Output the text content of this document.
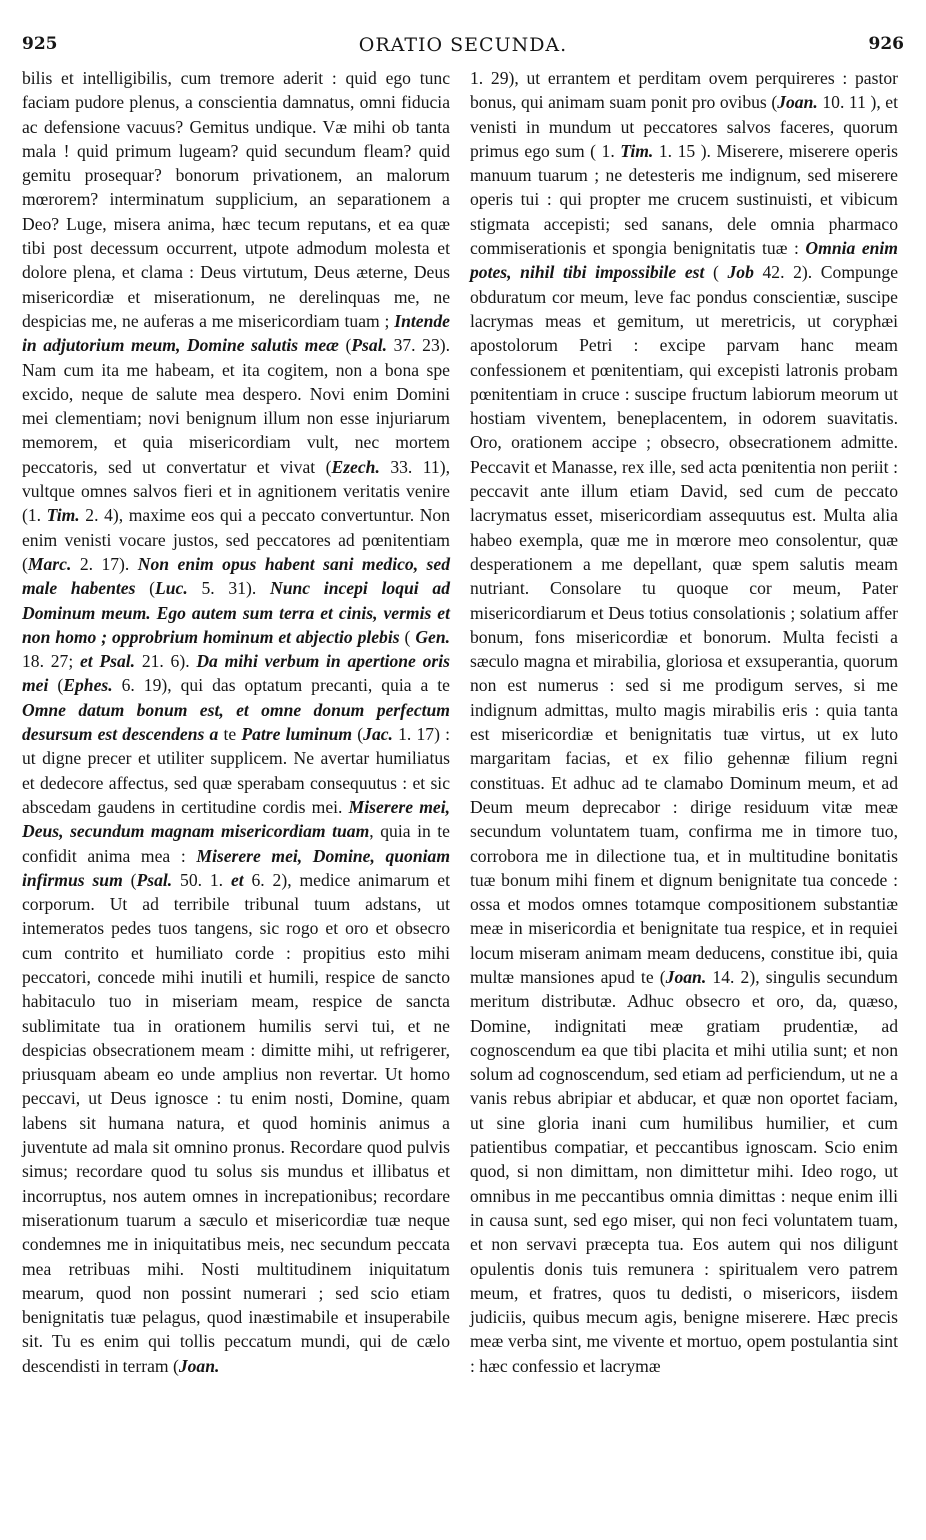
925	ORATIO SECUNDA.	926

bilis et intelligibilis, cum tremore aderit : quid ego tunc faciam pudore plenus, a conscientia damnatus, omni fiducia ac defensione vacuus? Gemitus undique. Væ mihi ob tanta mala ! quid primum lugeam? quid secundum fleam? quid gemitu prosequar? bonorum privationem, an malorum mœrorem? interminatum supplicium, an separationem a Deo? Luge, misera anima, hæc tecum reputans, et ea quæ tibi post decessum occurrent, utpote admodum molesta et dolore plena, et clama : Deus virtutum, Deus æterne, Deus misericordiæ et miserationum, ne derelinquas me, ne despicias me, ne auferas a me misericordiam tuam ; Intende in adjutorium meum, Domine salutis meæ (Psal. 37. 23). Nam cum ita me habeam, et ita cogitem, non a bona spe excido, neque de salute mea despero. Novi enim Domini mei clementiam; novi benignum illum non esse injuriarum memorem, et quia misericordiam vult, nec mortem peccatoris, sed ut convertatur et vivat (Ezech. 33. 11), vultque omnes salvos fieri et in agnitionem veritatis venire (1. Tim. 2. 4), maxime eos qui a peccato convertuntur. Non enim venisti vocare justos, sed peccatores ad pœnitentiam (Marc. 2. 17). Non enim opus habent sani medico, sed male habentes (Luc. 5. 31). Nunc incepi loqui ad Dominum meum. Ego autem sum terra et cinis, vermis et non homo ; opprobrium hominum et abjectio plebis ( Gen. 18. 27; et Psal. 21. 6). Da mihi verbum in apertione oris mei (Ephes. 6. 19), qui das optatum precanti, quia a te Omne datum bonum est, et omne donum perfectum desursum est descendens a te Patre luminum (Jac. 1. 17) : ut digne precer et utiliter supplicem. Ne avertar humiliatus et dedecore affectus, sed quæ sperabam consequutus : et sic abscedam gaudens in certitudine cordis mei. Miserere mei, Deus, secundum magnam misericordiam tuam, quia in te confidit anima mea : Miserere mei, Domine, quoniam infirmus sum (Psal. 50. 1. et 6. 2), medice animarum et corporum. Ut ad terribile tribunal tuum adstans, ut intemeratos pedes tuos tangens, sic rogo et oro et obsecro cum contrito et humiliato corde : propitius esto mihi peccatori, concede mihi inutili et humili, respice de sancto habitaculo tuo in miseriam meam, respice de sancta sublimitate tua in orationem humilis servi tui, et ne despicias obsecrationem meam : dimitte mihi, ut refrigerer, priusquam abeam eo unde amplius non revertar. Ut homo peccavi, ut Deus ignosce : tu enim nosti, Domine, quam labens sit humana natura, et quod hominis animus a juventute ad mala sit omnino pronus. Recordare quod pulvis simus; recordare quod tu solus sis mundus et illibatus et incorruptus, nos autem omnes in increpationibus; recordare miserationum tuarum a sæculo et misericordiæ tuæ neque condemnes me in iniquitatibus meis, nec secundum peccata mea retribuas mihi. Nosti multitudinem iniquitatum mearum, quod non possint numerari ; sed scio etiam benignitatis tuæ pelagus, quod inæstimabile et insuperabile sit. Tu es enim qui tollis peccatum mundi, qui de cælo descendisti in terram (Joan.

1. 29), ut errantem et perditam ovem perquireres : pastor bonus, qui animam suam ponit pro ovibus (Joan. 10. 11 ), et venisti in mundum ut peccatores salvos faceres, quorum primus ego sum ( 1. Tim. 1. 15 ). Miserere, miserere operis manuum tuarum ; ne detesteris me indignum, sed miserere operis tui : qui propter me crucem sustinuisti, et vibicum stigmata accepisti; sed sanans, dele omnia pharmaco commiserationis et spongia benignitatis tuæ : Omnia enim potes, nihil tibi impossibile est ( Job 42. 2). Compunge obduratum cor meum, leve fac pondus conscientiæ, suscipe lacrymas meas et gemitum, ut meretricis, ut coryphæi apostolorum Petri : excipe parvam hanc meam confessionem et pœnitentiam, qui excepisti latronis probam pœnitentiam in cruce : suscipe fructum labiorum meorum ut hostiam viventem, beneplacentem, in odorem suavitatis. Oro, orationem accipe ; obsecro, obsecrationem admitte. Peccavit et Manasse, rex ille, sed acta pœnitentia non periit : peccavit ante illum etiam David, sed cum de peccato lacrymatus esset, misericordiam assequutus est. Multa alia habeo exempla, quæ me in mœrore meo consolentur, quæ desperationem a me depellant, quæ spem salutis meam nutriant. Consolare tu quoque cor meum, Pater misericordiarum et Deus totius consolationis ; solatium affer bonum, fons misericordiæ et bonorum. Multa fecisti a sæculo magna et mirabilia, gloriosa et exsuperantia, quorum non est numerus : sed si me prodigum serves, si me indignum admittas, multo magis mirabilis eris : quia tanta est misericordiæ et benignitatis tuæ virtus, ut ex luto margaritam facias, et ex filio gehennæ filium regni constituas. Et adhuc ad te clamabo Dominum meum, et ad Deum meum deprecabor : dirige residuum vitæ meæ secundum voluntatem tuam, confirma me in timore tuo, corrobora me in dilectione tua, et in multitudine bonitatis tuæ bonum mihi finem et dignum benignitate tua concede : ossa et modos omnes totamque compositionem substantiæ meæ in misericordia et benignitate tua respice, et in requiei locum miseram animam meam deducens, constitue ibi, quia multæ mansiones apud te (Joan. 14. 2), singulis secundum meritum distributæ. Adhuc obsecro et oro, da, quæso, Domine, indignitati meæ gratiam prudentiæ, ad cognoscendum ea que tibi placita et mihi utilia sunt; et non solum ad cognoscendum, sed etiam ad perficiendum, ut ne a vanis rebus abripiar et abducar, et quæ non oportet faciam, ut sine gloria inani cum humilibus humilier, et cum patientibus compatiar, et peccantibus ignoscam. Scio enim quod, si non dimittam, non dimittetur mihi. Ideo rogo, ut omnibus in me peccantibus omnia dimittas : neque enim illi in causa sunt, sed ego miser, qui non feci voluntatem tuam, et non servavi præcepta tua. Eos autem qui nos diligunt opulentis donis tuis remunera : spiritualem vero patrem meum, et fratres, quos tu dedisti, o misericors, iisdem judiciis, quibus mecum agis, benigne miserere. Hæc precis meæ verba sint, me vivente et mortuo, opem postulantia sint : hæc confessio et lacrymæ
